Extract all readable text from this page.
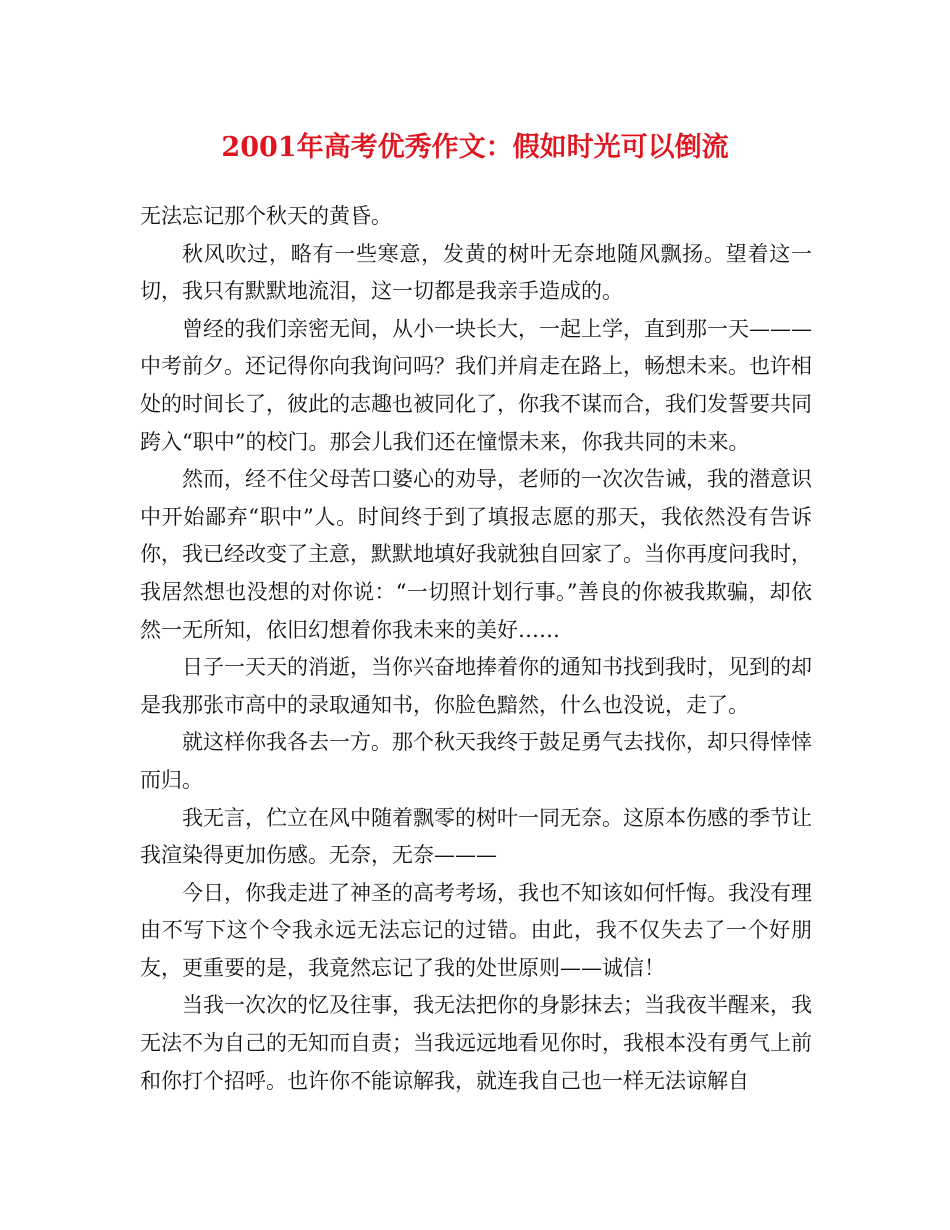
2001年高考优秀作文：假如时光可以倒流

无法忘记那个秋天的黄昏。

秋风吹过，略有一些寒意，发黄的树叶无奈地随风飘扬。望着这一切，我只有默默地流泪，这一切都是我亲手造成的。

曾经的我们亲密无间，从小一块长大，一起上学，直到那一天———中考前夕。还记得你向我询问吗？我们并肩走在路上，畅想未来。也许相处的时间长了，彼此的志趣也被同化了，你我不谋而合，我们发誓要共同跨入“职中”的校门。那会儿我们还在憧憬未来，你我共同的未来。

然而，经不住父母苦口婆心的劝导，老师的一次次告诫，我的潜意识中开始鄙弃“职中”人。时间终于到了填报志愿的那天，我依然没有告诉你，我已经改变了主意，默默地填好我就独自回家了。当你再度问我时，我居然想也没想的对你说：“一切照计划行事。”善良的你被我欺骗，却依然一无所知，依旧幻想着你我未来的美好……

日子一天天的消逝，当你兴奋地捧着你的通知书找到我时，见到的却是我那张市高中的录取通知书，你脸色黯然，什么也没说，走了。

就这样你我各去一方。那个秋天我终于鼓足勇气去找你，却只得悻悻而归。

我无言，伫立在风中随着飘零的树叶一同无奈。这原本伤感的季节让我渲染得更加伤感。无奈，无奈———

今日，你我走进了神圣的高考考场，我也不知该如何忏悔。我没有理由不写下这个令我永远无法忘记的过错。由此，我不仅失去了一个好朋友，更重要的是，我竟然忘记了我的处世原则——诚信！

当我一次次的忆及往事，我无法把你的身影抹去；当我夜半醒来，我无法不为自己的无知而自责；当我远远地看见你时，我根本没有勇气上前和你打个招呼。也许你不能谅解我，就连我自己也一样无法谅解自
